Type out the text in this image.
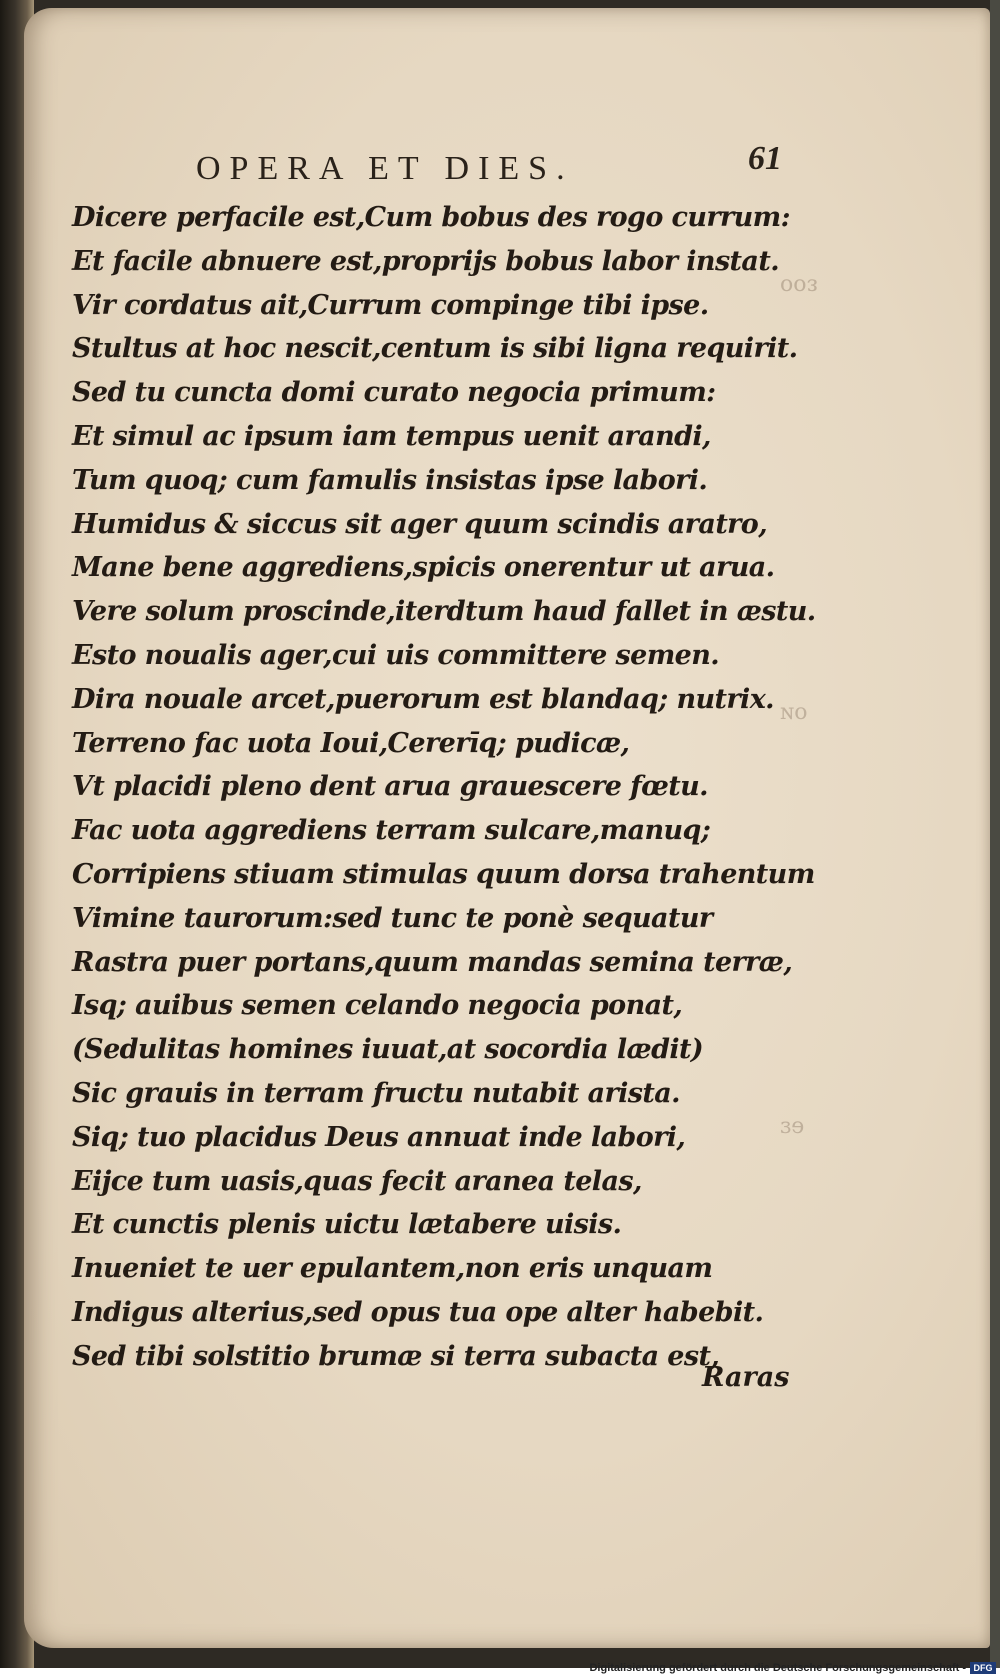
ooᴈ
ɴo
ɜɘ
OPERA ET DIES.	61
Dicere perfacile est,Cum bobus des rogo currum:
Et facile abnuere est,proprijs bobus labor instat.
Vir cordatus ait,Currum compinge tibi ipse.
Stultus at hoc nescit,centum is sibi ligna requirit.
Sed tu cuncta domi curato negocia primum:
Et simul ac ipsum iam tempus uenit arandi,
Tum quoq; cum famulis insistas ipse labori.
Humidus & siccus sit ager quum scindis aratro,
Mane bene aggrediens,spicis onerentur ut arua.
Vere solum proscinde,iterdtum haud fallet in æstu.
Esto noualis ager,cui uis committere semen.
Dira nouale arcet,puerorum est blandaq; nutrix.
Terreno fac uota Ioui,Cererīq; pudicæ,
Vt placidi pleno dent arua grauescere fœtu.
Fac uota aggrediens terram sulcare,manuq;
Corripiens stiuam stimulas quum dorsa trahentum
Vimine taurorum:sed tunc te ponè sequatur
Rastra puer portans,quum mandas semina terræ,
Isq; auibus semen celando negocia ponat,
(Sedulitas homines iuuat,at socordia lædit)
Sic grauis in terram fructu nutabit arista.
Siq; tuo placidus Deus annuat inde labori,
Eijce tum uasis,quas fecit aranea telas,
Et cunctis plenis uictu lætabere uisis.
Inueniet te uer epulantem,non eris unquam
Indigus alterius,sed opus tua ope alter habebit.
Sed tibi solstitio brumæ si terra subacta est,
Raras
Digitalisierung gefördert durch die Deutsche Forschungsgemeinschaft - DFG
